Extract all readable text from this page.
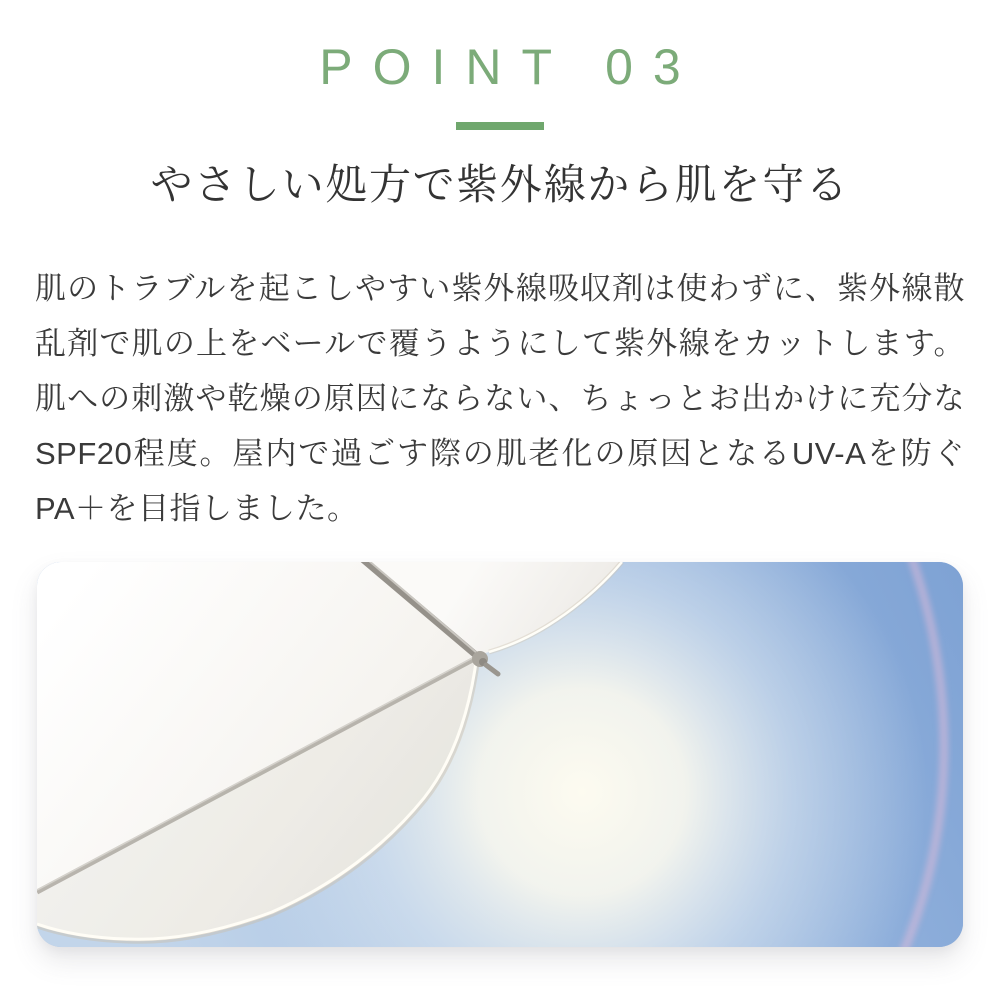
POINT 03
やさしい処方で紫外線から肌を守る

肌のトラブルを起こしやすい紫外線吸収剤は使わずに、紫外線散乱剤で肌の上をベールで覆うようにして紫外線をカットします。肌への刺激や乾燥の原因にならない、ちょっとお出かけに充分なSPF20程度。屋内で過ごす際の肌老化の原因となるUV-Aを防ぐPA＋を目指しました。
